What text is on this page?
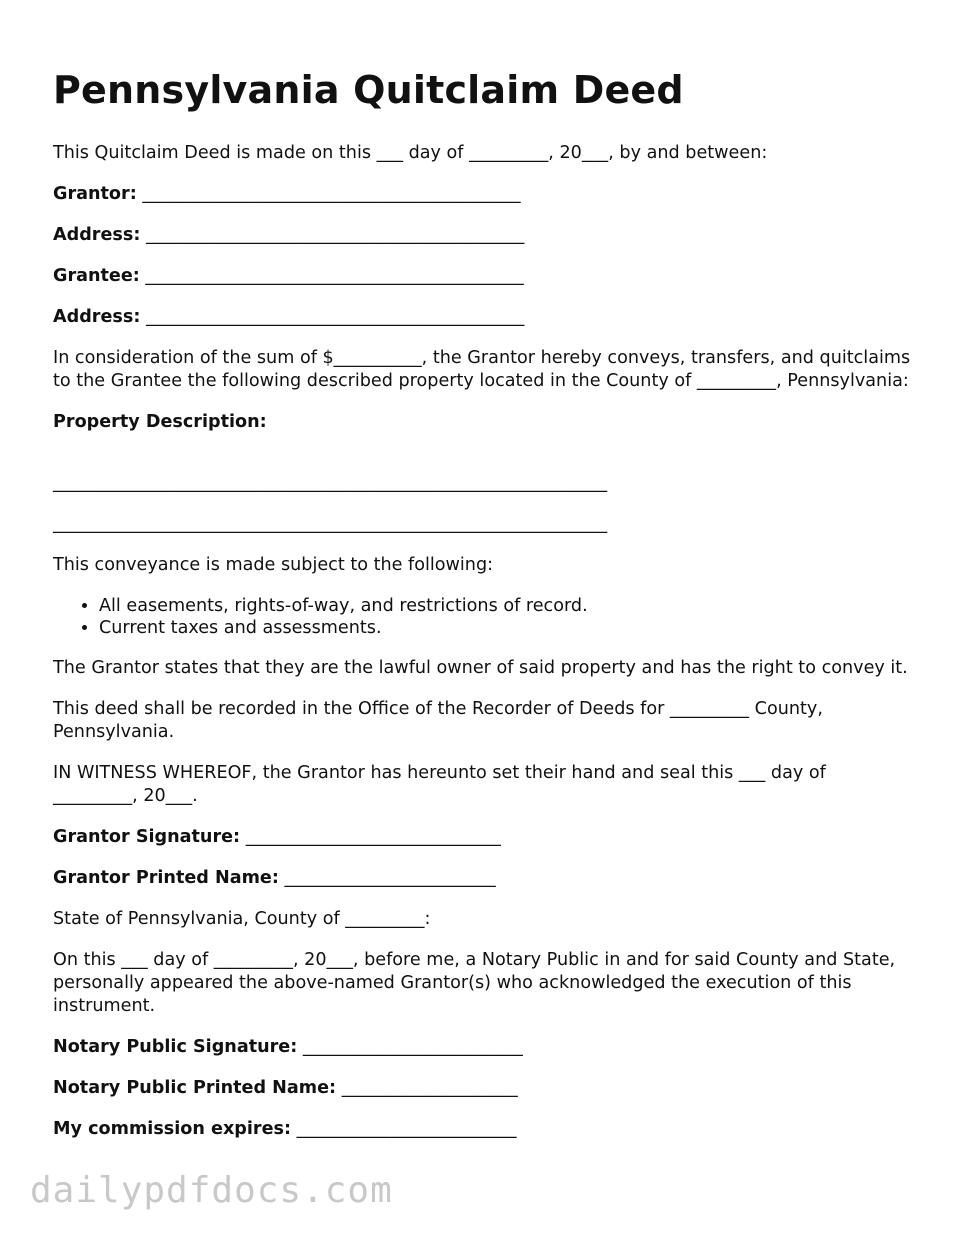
Pennsylvania Quitclaim Deed

This Quitclaim Deed is made on this ___ day of _________, 20___, by and between:

Grantor: ___________________________________________

Address: ___________________________________________

Grantee: ___________________________________________

Address: ___________________________________________

In consideration of the sum of $__________, the Grantor hereby conveys, transfers, and quitclaims to the Grantee the following described property located in the County of _________, Pennsylvania:

Property Description:

_______________________________________________________________
_______________________________________________________________

This conveyance is made subject to the following:

• All easements, rights-of-way, and restrictions of record.
• Current taxes and assessments.

The Grantor states that they are the lawful owner of said property and has the right to convey it.

This deed shall be recorded in the Office of the Recorder of Deeds for _________ County, Pennsylvania.

IN WITNESS WHEREOF, the Grantor has hereunto set their hand and seal this ___ day of _________, 20___.

Grantor Signature: _____________________________

Grantor Printed Name: ________________________

State of Pennsylvania, County of _________:

On this ___ day of _________, 20___, before me, a Notary Public in and for said County and State, personally appeared the above-named Grantor(s) who acknowledged the execution of this instrument.

Notary Public Signature: _________________________

Notary Public Printed Name: ____________________

My commission expires: _________________________

dailypdfdocs.com
